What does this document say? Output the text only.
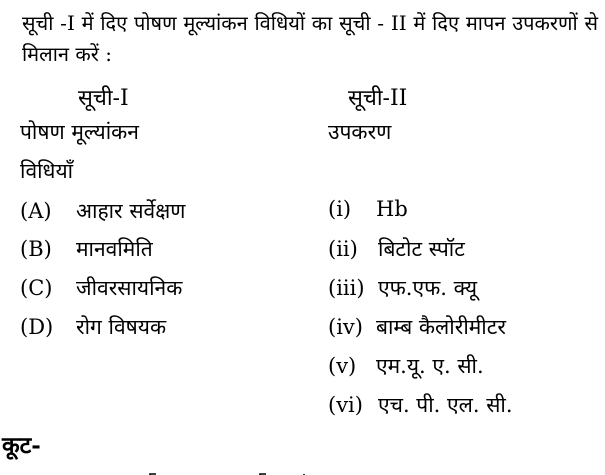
सूची -I में दिए पोषण मूल्यांकन विधियों का सूची - II में दिए मापन उपकरणों से मिलान करें :
सूची-I
पोषण मूल्यांकन
विधियाँ
(A) आहार सर्वेक्षण
(B) मानवमिति
(C) जीवरसायनिक
(D) रोग विषयक
सूची-II
उपकरण
(i) Hb
(ii) बिटोट स्पॉट
(iii) एफ.एफ. क्यू
(iv) बाम्ब कैलोरीमीटर
(v) एम.यू. ए. सी.
(vi) एच. पी. एल. सी.
कूट-
